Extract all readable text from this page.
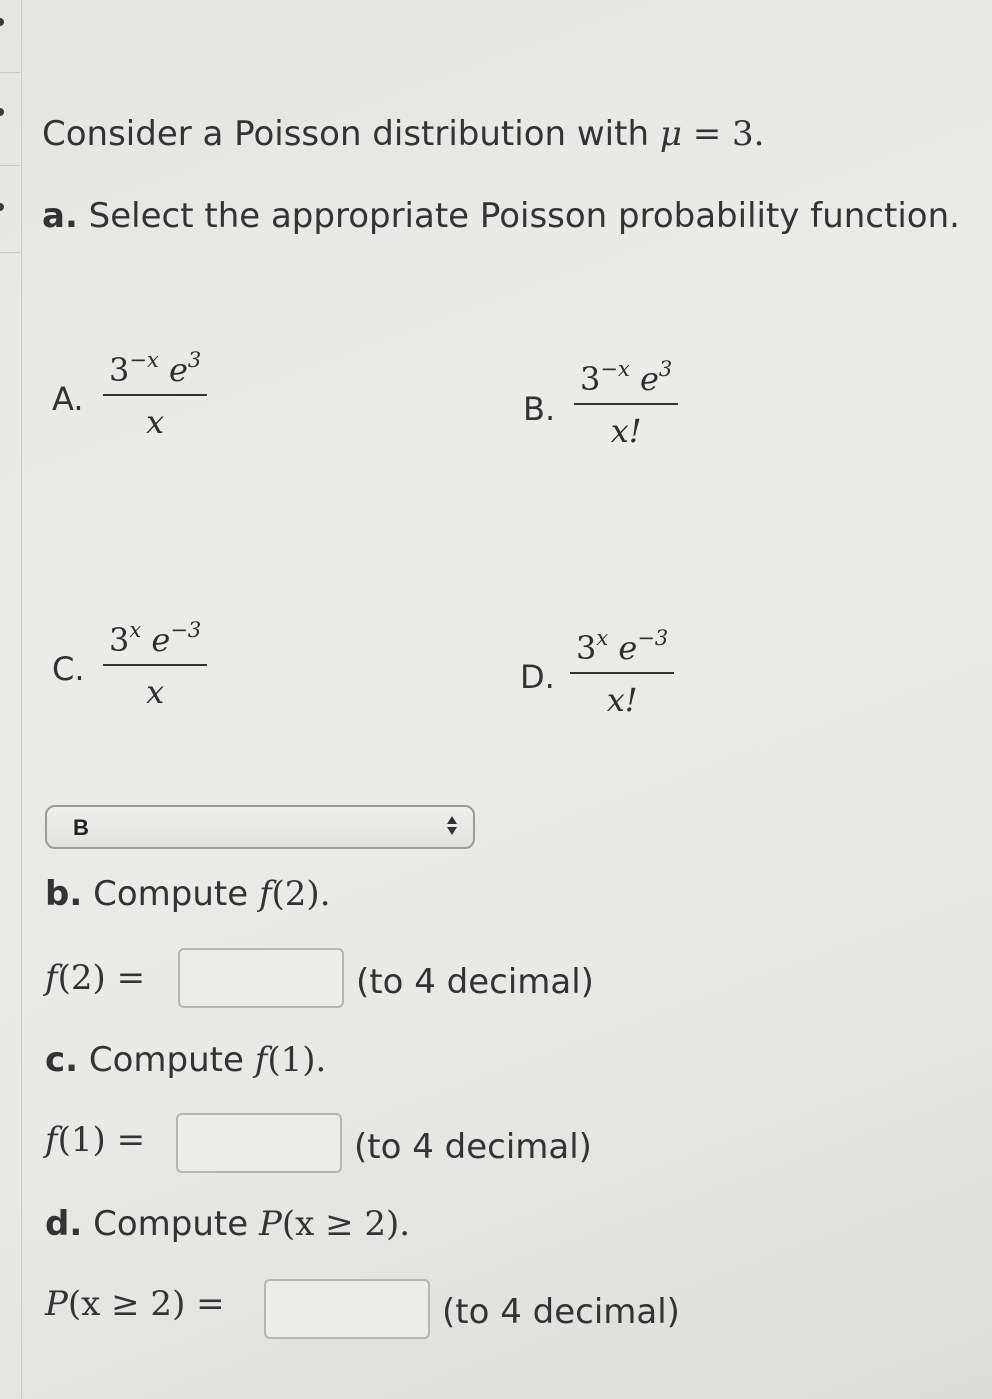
Consider a Poisson distribution with μ = 3.
a. Select the appropriate Poisson probability function.
A.
$3^{-x}$ $e^3$
x	B.
$3^{-x}$ $e^3$
x!
C.
3$^x$ $e^{-3}$
x	D.
3$^x$ $e^{-3}$
x!
B
b. Compute f(2).
f(2) =	(to 4 decimal)
c. Compute f(1).
f(1) =	(to 4 decimal)
d. Compute P(x ≥ 2).
P(x ≥ 2) =	(to 4 decimal)
